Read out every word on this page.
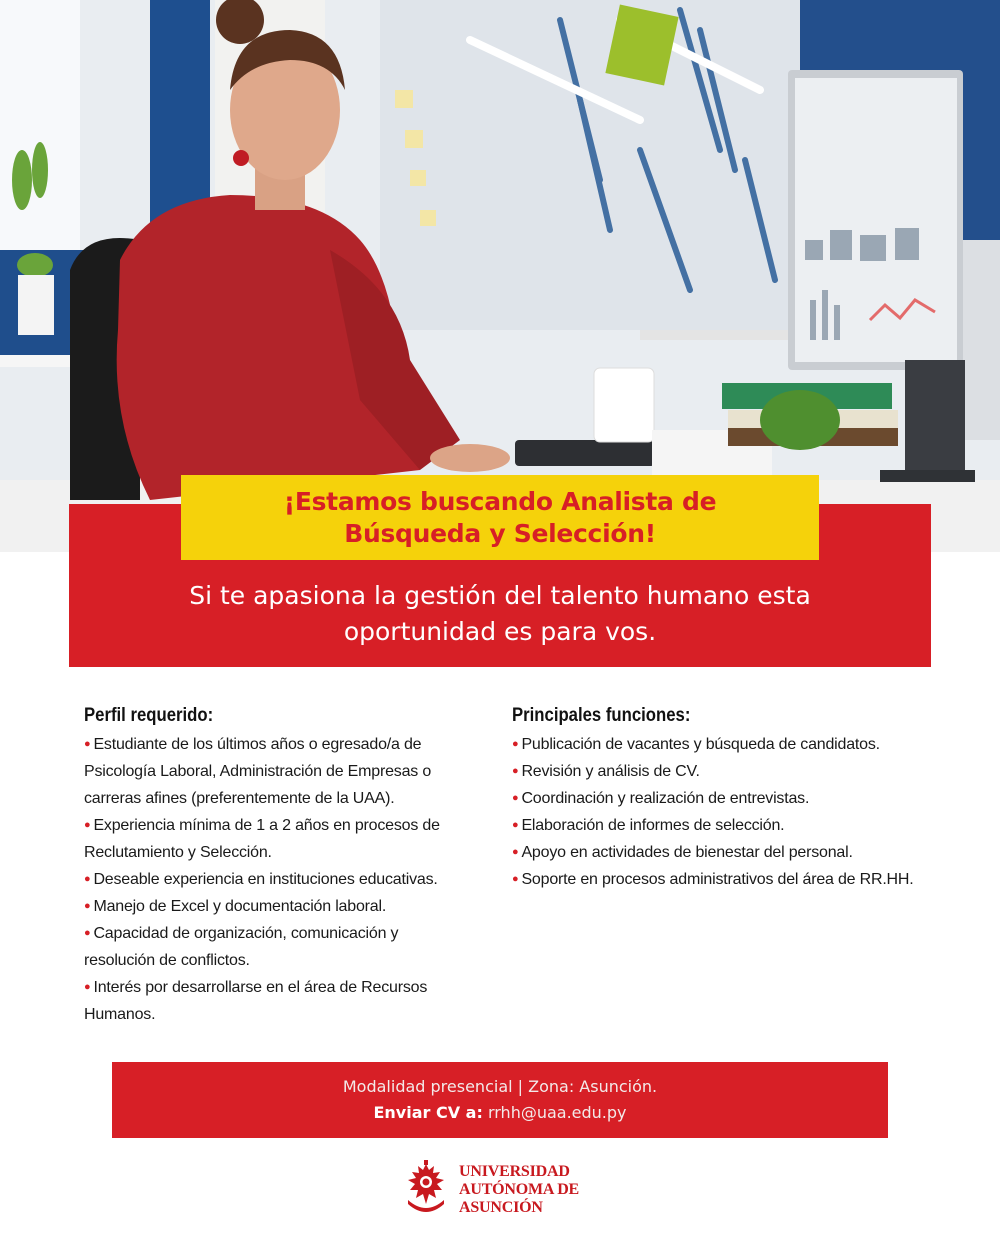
¡Estamos buscando Analista de
Búsqueda y Selección!
Si te apasiona la gestión del talento humano esta
oportunidad es para vos.
Perfil requerido:
● Estudiante de los últimos años o egresado/a de
Psicología Laboral, Administración de Empresas o
carreras afines (preferentemente de la UAA).
● Experiencia mínima de 1 a 2 años en procesos de
Reclutamiento y Selección.
● Deseable experiencia en instituciones educativas.
● Manejo de Excel y documentación laboral.
● Capacidad de organización, comunicación y
resolución de conflictos.
● Interés por desarrollarse en el área de Recursos
Humanos.
Principales funciones:
● Publicación de vacantes y búsqueda de candidatos.
● Revisión y análisis de CV.
● Coordinación y realización de entrevistas.
● Elaboración de informes de selección.
● Apoyo en actividades de bienestar del personal.
● Soporte en procesos administrativos del área de RR.HH.
Modalidad presencial | Zona: Asunción.
Enviar CV a: rrhh@uaa.edu.py
UNIVERSIDAD
AUTÓNOMA DE
ASUNCIÓN
